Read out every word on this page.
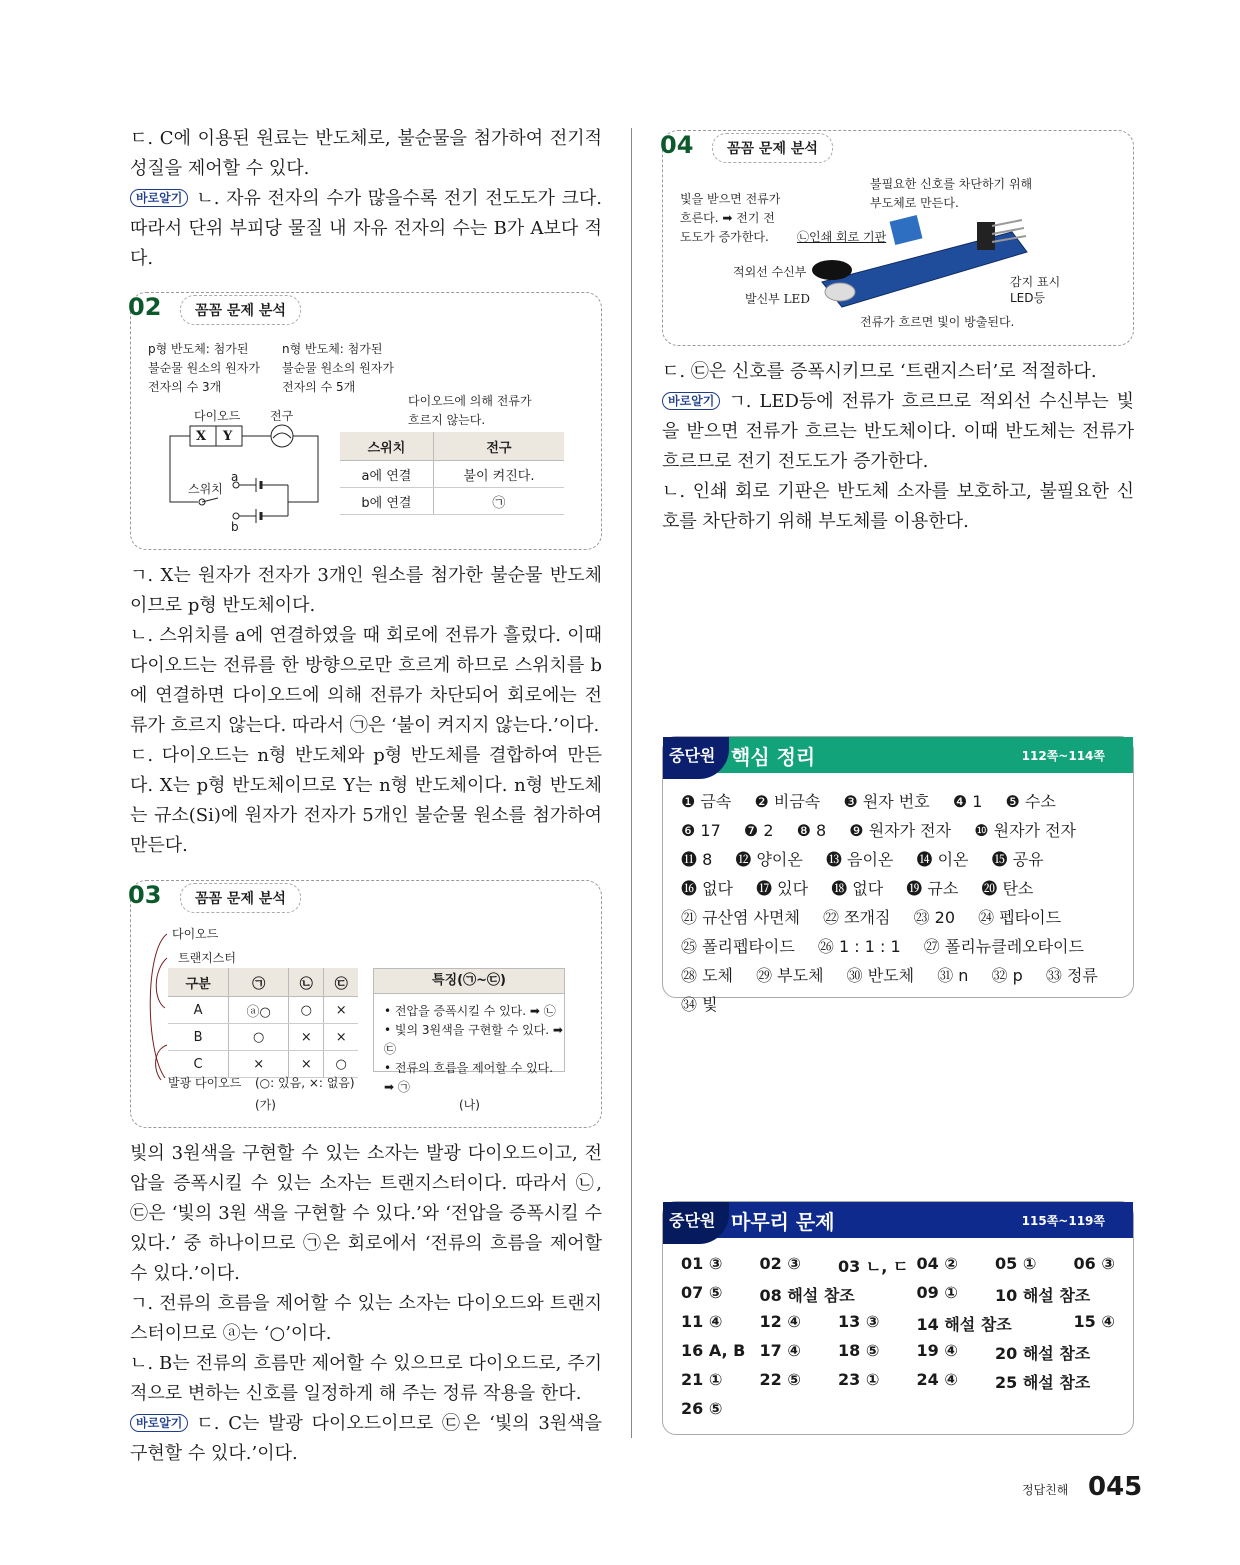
ㄷ. C에 이용된 원료는 반도체로, 불순물을 첨가하여 전기적 성질을 제어할 수 있다.

바로알기 ㄴ. 자유 전자의 수가 많을수록 전기 전도도가 크다. 따라서 단위 부피당 물질 내 자유 전자의 수는 B가 A보다 적다.

02	꼼꼼 문제 분석
p형 반도체: 첨가된
불순물 원소의 원자가
전자의 수 3개
n형 반도체: 첨가된
불순물 원소의 원자가
전자의 수 5개
다이오드 전구
스위치
X Y
a
b
다이오드에 의해 전류가
흐르지 않는다.
스위치	전구
a에 연결	불이 켜진다.
b에 연결	㉠

ㄱ. X는 원자가 전자가 3개인 원소를 첨가한 불순물 반도체이므로 p형 반도체이다.

ㄴ. 스위치를 a에 연결하였을 때 회로에 전류가 흘렀다. 이때 다이오드는 전류를 한 방향으로만 흐르게 하므로 스위치를 b에 연결하면 다이오드에 의해 전류가 차단되어 회로에는 전류가 흐르지 않는다. 따라서 ㉠은 ‘불이 켜지지 않는다.’이다.

ㄷ. 다이오드는 n형 반도체와 p형 반도체를 결합하여 만든다. X는 p형 반도체이므로 Y는 n형 반도체이다. n형 반도체는 규소(Si)에 원자가 전자가 5개인 불순물 원소를 첨가하여 만든다.

03	꼼꼼 문제 분석
다이오드
트랜지스터
구분	㉠	㉡	㉢
A	ⓐ○	○	×
B	○	×	×
C	×	×	○
발광 다이오드 (○: 있음, ×: 없음)
(가)	(나)
특징(㉠~㉢)
• 전압을 증폭시킬 수 있다. ➡ ㉡
• 빛의 3원색을 구현할 수 있다. ➡ ㉢
• 전류의 흐름을 제어할 수 있다. ➡ ㉠

빛의 3원색을 구현할 수 있는 소자는 발광 다이오드이고, 전압을 증폭시킬 수 있는 소자는 트랜지스터이다. 따라서 ㉡, ㉢은 ‘빛의 3원 색을 구현할 수 있다.’와 ‘전압을 증폭시킬 수 있다.’ 중 하나이므로 ㉠은 회로에서 ‘전류의 흐름을 제어할 수 있다.’이다.

ㄱ. 전류의 흐름을 제어할 수 있는 소자는 다이오드와 트랜지스터이므로 ⓐ는 ‘○’이다.

ㄴ. B는 전류의 흐름만 제어할 수 있으므로 다이오드로, 주기적으로 변하는 신호를 일정하게 해 주는 정류 작용을 한다.

바로알기 ㄷ. C는 발광 다이오드이므로 ㉢은 ‘빛의 3원색을 구현할 수 있다.’이다.

04	꼼꼼 문제 분석
빛을 받으면 전류가
흐른다. ➡ 전기 전
도도가 증가한다.
불필요한 신호를 차단하기 위해
부도체로 만든다.
㉡인쇄 회로 기판
적외선 수신부
발신부 LED
감지 표시
LED등
전류가 흐르면 빛이 방출된다.

ㄷ. ㉢은 신호를 증폭시키므로 ‘트랜지스터’로 적절하다.

바로알기 ㄱ. LED등에 전류가 흐르므로 적외선 수신부는 빛을 받으면 전류가 흐르는 반도체이다. 이때 반도체는 전류가 흐르므로 전기 전도도가 증가한다.

ㄴ. 인쇄 회로 기판은 반도체 소자를 보호하고, 불필요한 신호를 차단하기 위해 부도체를 이용한다.

중단원 핵심 정리	112쪽~114쪽
❶ 금속 ❷ 비금속 ❸ 원자 번호 ❹ 1 ❺ 수소 ❻ 17 ❼ 2 ❽ 8 ❾ 원자가 전자 ❿ 원자가 전자 ⓫ 8 ⓬ 양이온 ⓭ 음이온 ⓮ 이온 ⓯ 공유 ⓰ 없다 ⓱ 있다 ⓲ 없다 ⓳ 규소 ⓴ 탄소 ㉑ 규산염 사면체 ㉒ 쪼개짐 ㉓ 20 ㉔ 펩타이드 ㉕ 폴리펩타이드 ㉖ 1 : 1 : 1 ㉗ 폴리뉴클레오타이드 ㉘ 도체 ㉙ 부도체 ㉚ 반도체 ㉛ n ㉜ p ㉝ 정류 ㉞ 빛
중단원 마무리 문제	115쪽~119쪽
01 ③ 02 ③ 03 ㄴ, ㄷ 04 ② 05 ① 06 ③
07 ⑤ 08 해설 참조	09 ① 10 해설 참조
11 ④ 12 ④ 13 ③ 14 해설 참조	15 ④
16 A, B 17 ④ 18 ⑤ 19 ④ 20 해설 참조
21 ① 22 ⑤ 23 ① 24 ④ 25 해설 참조
26 ⑤
정답친해 045
